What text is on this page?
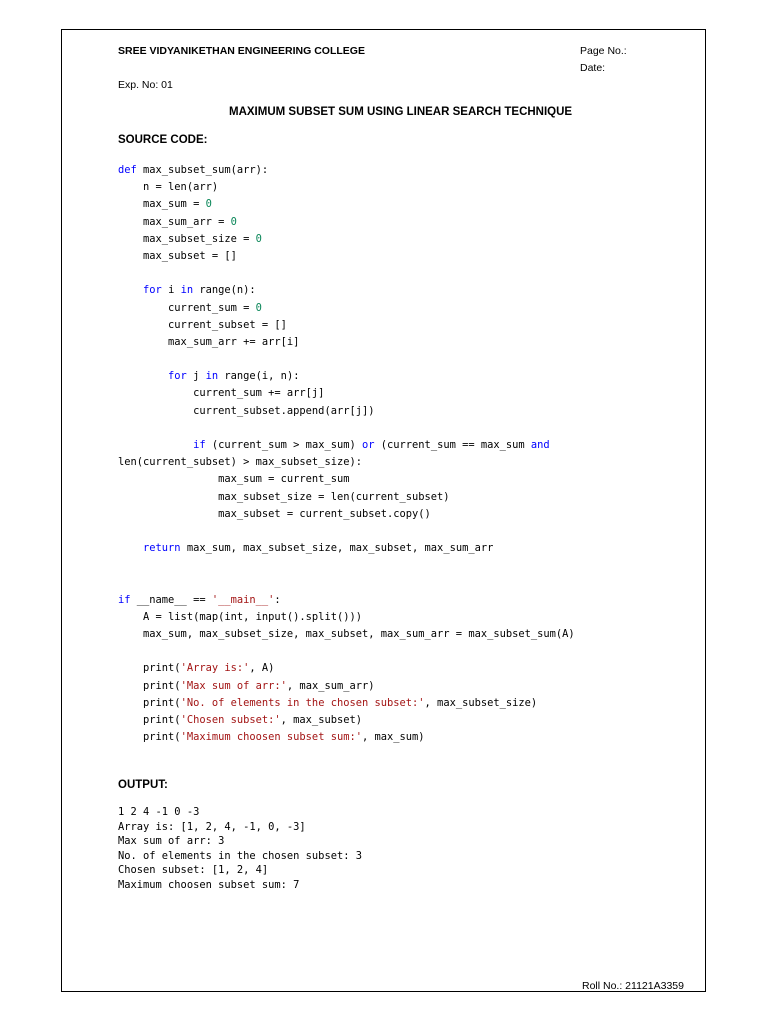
SREE VIDYANIKETHAN ENGINEERING COLLEGE	Page No.:
Date:
Exp. No: 01
MAXIMUM SUBSET SUM USING LINEAR SEARCH TECHNIQUE
SOURCE CODE:
def max_subset_sum(arr):
n = len(arr)
max_sum = 0
max_sum_arr = 0
max_subset_size = 0
max_subset = []

for i in range(n):
current_sum = 0
current_subset = []
max_sum_arr += arr[i]

for j in range(i, n):
current_sum += arr[j]
current_subset.append(arr[j])

if (current_sum > max_sum) or (current_sum == max_sum and
len(current_subset) > max_subset_size):
max_sum = current_sum
max_subset_size = len(current_subset)
max_subset = current_subset.copy()

return max_sum, max_subset_size, max_subset, max_sum_arr

if __name__ == '__main__':
A = list(map(int, input().split()))
max_sum, max_subset_size, max_subset, max_sum_arr = max_subset_sum(A)

print('Array is:', A)
print('Max sum of arr:', max_sum_arr)
print('No. of elements in the chosen subset:', max_subset_size)
print('Chosen subset:', max_subset)
print('Maximum choosen subset sum:', max_sum)
OUTPUT:
1 2 4 -1 0 -3
Array is: [1, 2, 4, -1, 0, -3]
Max sum of arr: 3
No. of elements in the chosen subset: 3
Chosen subset: [1, 2, 4]
Maximum choosen subset sum: 7
Roll No.: 21121A3359
